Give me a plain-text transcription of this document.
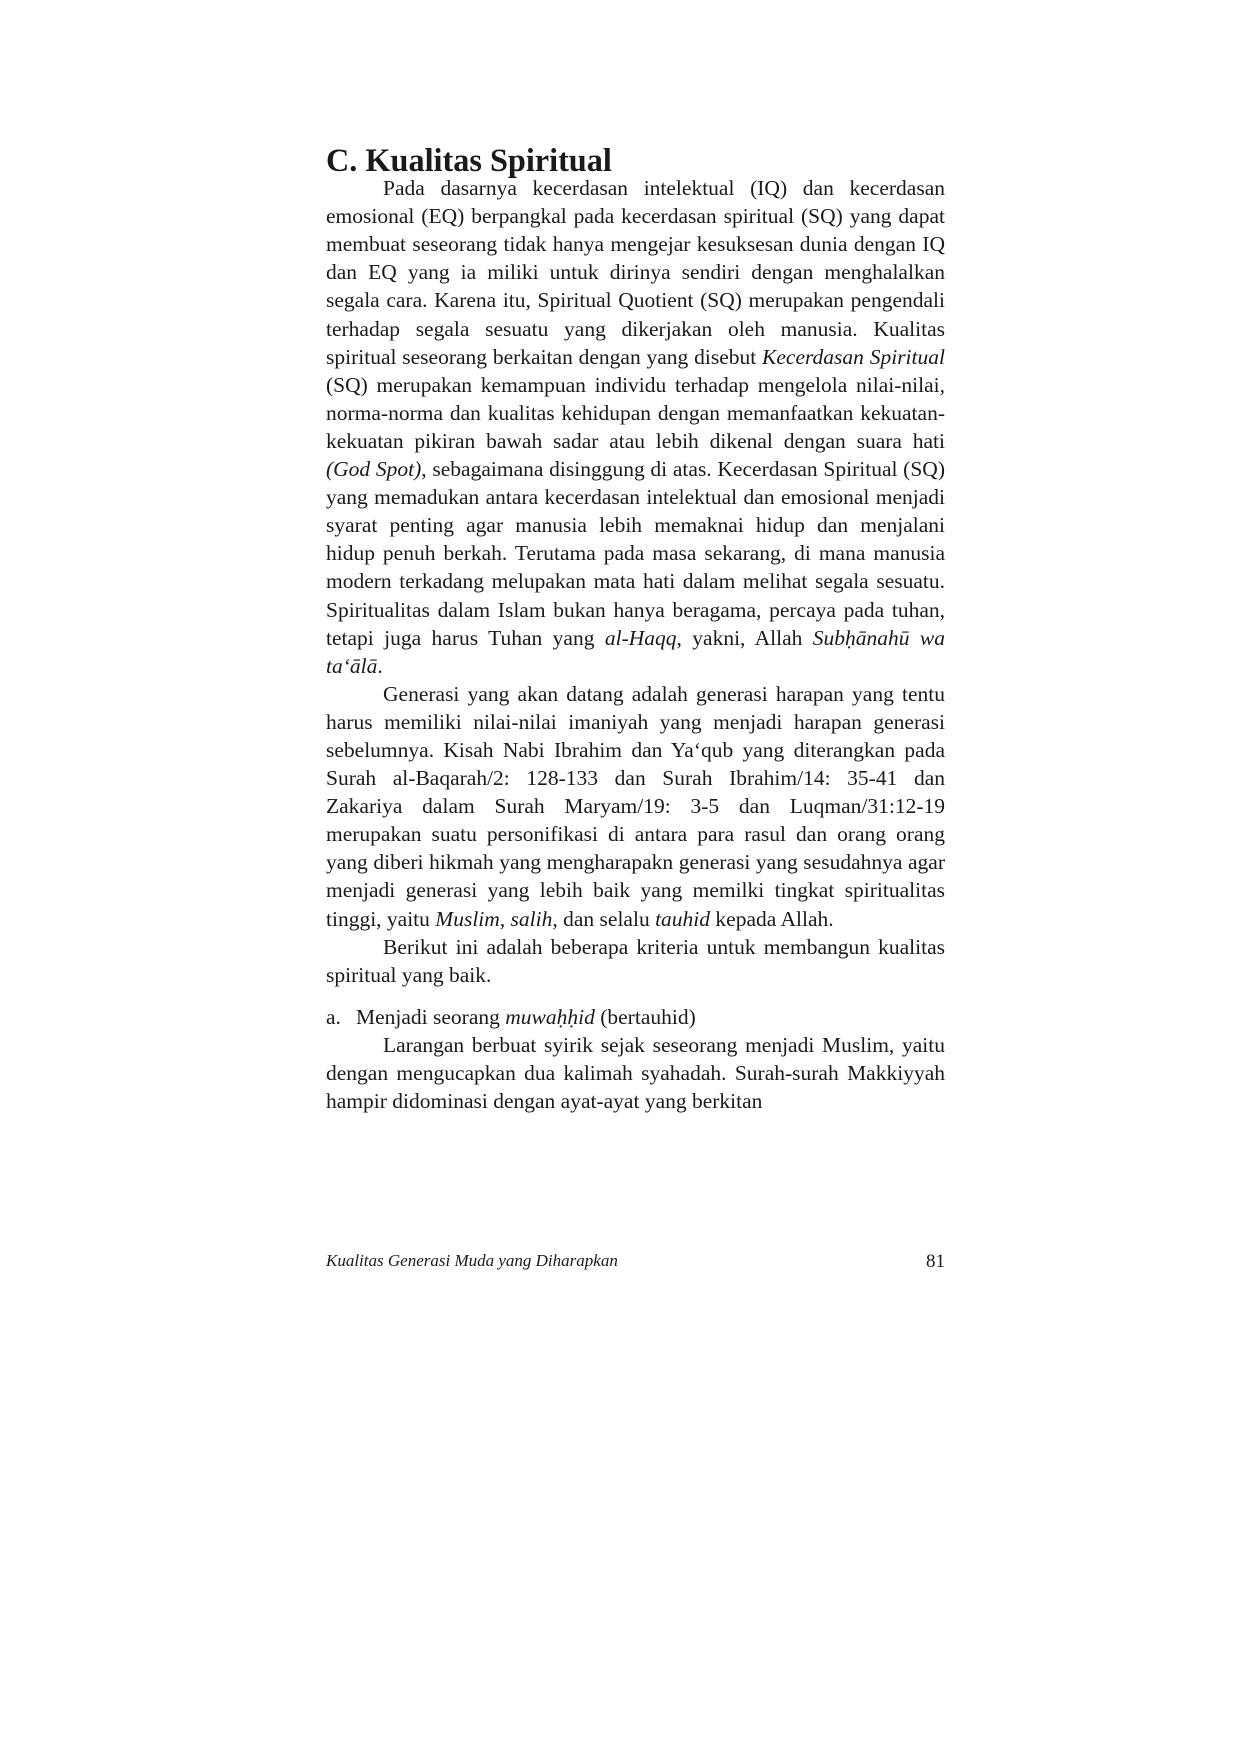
C. Kualitas Spiritual

Pada dasarnya kecerdasan intelektual (IQ) dan kecerdasan emosional (EQ) berpangkal pada kecerdasan spiritual (SQ) yang dapat membuat seseorang tidak hanya mengejar kesuksesan dunia dengan IQ dan EQ yang ia miliki untuk dirinya sendiri dengan menghalalkan segala cara. Karena itu, Spiritual Quotient (SQ) merupakan pengendali terhadap segala sesuatu yang dikerjakan oleh manusia. Kualitas spiritual seseorang berkaitan dengan yang disebut Kecerdasan Spiritual (SQ) merupakan kemampuan individu terhadap mengelola nilai-nilai, norma-norma dan kualitas kehidupan dengan memanfaatkan kekuatan-kekuatan pikiran bawah sadar atau lebih dikenal dengan suara hati (God Spot), sebagaimana disinggung di atas. Kecerdasan Spiritual (SQ) yang memadukan antara kecerdasan intelektual dan emosional menjadi syarat penting agar manusia lebih memaknai hidup dan menjalani hidup penuh berkah. Terutama pada masa sekarang, di mana manusia modern terkadang melupakan mata hati dalam melihat segala sesuatu. Spiritualitas dalam Islam bukan hanya beragama, percaya pada tuhan, tetapi juga harus Tuhan yang al-Haqq, yakni, Allah Subḥānahū wa ta‘ālā.

Generasi yang akan datang adalah generasi harapan yang tentu harus memiliki nilai-nilai imaniyah yang menjadi harapan generasi sebelumnya. Kisah Nabi Ibrahim dan Ya‘qub yang diterangkan pada Surah al-Baqarah/2: 128-133 dan Surah Ibrahim/14: 35-41 dan Zakariya dalam Surah Maryam/19: 3-5 dan Luqman/31:12-19 merupakan suatu personifikasi di antara para rasul dan orang orang yang diberi hikmah yang mengharapakn generasi yang sesudahnya agar menjadi generasi yang lebih baik yang memilki tingkat spiritualitas tinggi, yaitu Muslim, salih, dan selalu tauhid kepada Allah.

Berikut ini adalah beberapa kriteria untuk membangun kualitas spiritual yang baik.

a. Menjadi seorang muwaḥḥid (bertauhid)

Larangan berbuat syirik sejak seseorang menjadi Muslim, yaitu dengan mengucapkan dua kalimah syahadah. Surah-surah Makkiyyah hampir didominasi dengan ayat-ayat yang berkitan

Kualitas Generasi Muda yang Diharapkan	81
